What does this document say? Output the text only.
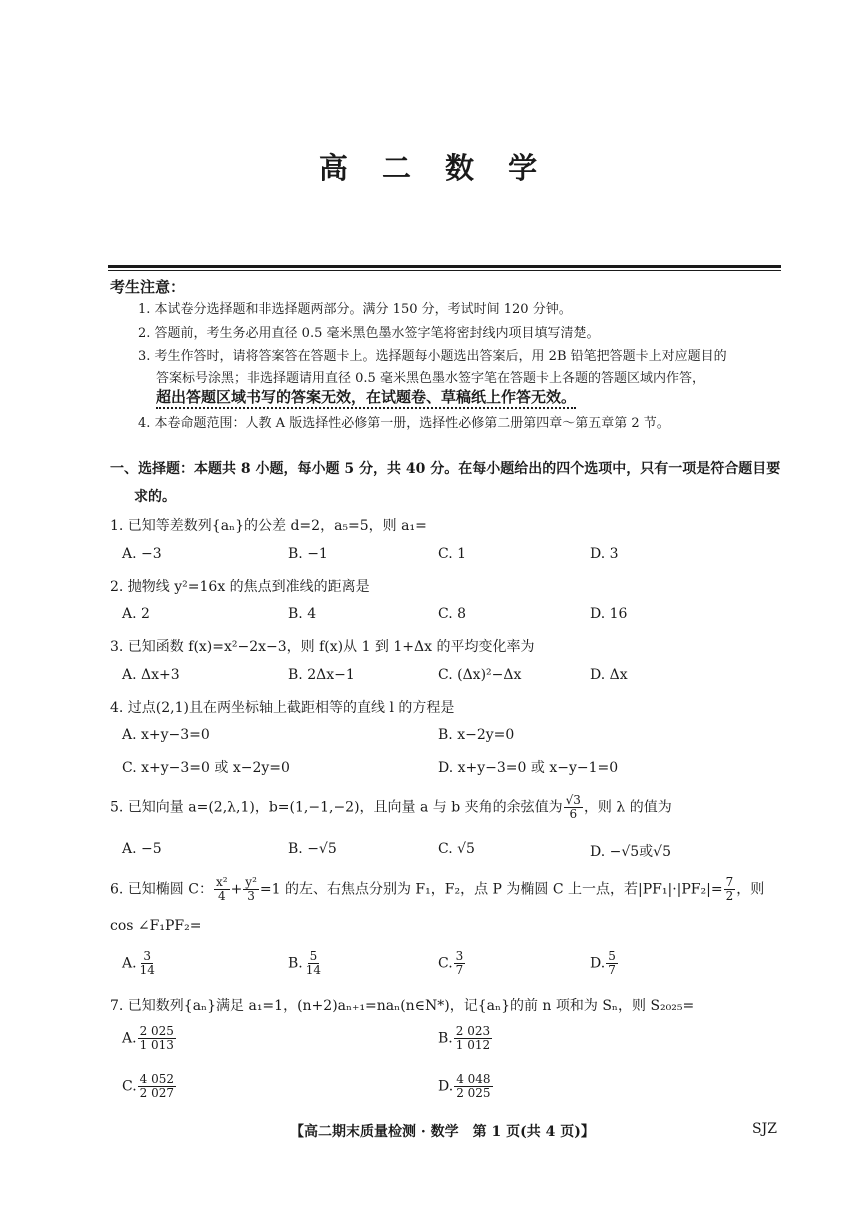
高 二 数 学
考生注意：
1. 本试卷分选择题和非选择题两部分。满分 150 分，考试时间 120 分钟。
2. 答题前，考生务必用直径 0.5 毫米黑色墨水签字笔将密封线内项目填写清楚。
3. 考生作答时，请将答案答在答题卡上。选择题每小题选出答案后，用 2B 铅笔把答题卡上对应题目的
答案标号涂黑；非选择题请用直径 0.5 毫米黑色墨水签字笔在答题卡上各题的答题区域内作答，
超出答题区域书写的答案无效，在试题卷、草稿纸上作答无效。
4. 本卷命题范围：人教 A 版选择性必修第一册，选择性必修第二册第四章～第五章第 2 节。
一、选择题：本题共 8 小题，每小题 5 分，共 40 分。在每小题给出的四个选项中，只有一项是符合题目要
求的。
1. 已知等差数列{aₙ}的公差 d=2，a₅=5，则 a₁=
A. −3	B. −1	C. 1	D. 3
2. 抛物线 y²=16x 的焦点到准线的距离是
A. 2	B. 4	C. 8	D. 16
3. 已知函数 f(x)=x²−2x−3，则 f(x)从 1 到 1+Δx 的平均变化率为
A. Δx+3	B. 2Δx−1	C. (Δx)²−Δx	D. Δx
4. 过点(2,1)且在两坐标轴上截距相等的直线 l 的方程是
A. x+y−3=0	B. x−2y=0
C. x+y−3=0 或 x−2y=0	D. x+y−3=0 或 x−y−1=0
5. 已知向量 a=(2,λ,1)，b=(1,−1,−2)，且向量 a 与 b 夹角的余弦值为 $\frac{√3}{6}$ ，则 λ 的值为
A. −5	B. −√5	C. √5	D. −√5或√5
6. 已知椭圆 C： $\frac{\text{x²}}{4} + \frac{\text{y²}}{3} =1$ 的左、右焦点分别为 F₁，F₂，点 P 为椭圆 C 上一点，若$|PF_1|\cdot|PF_2|= \frac{7}{2}$ ，则
cos ∠F₁PF₂=
A. $\frac{3}{14}$	B. $\frac{5}{14}$	C. $\frac{3}{7}$	D. $\frac{5}{7}$
7. 已知数列{aₙ}满足 a₁=1，(n+2)aₙ₊₁=naₙ(n∈N*)，记{aₙ}的前 n 项和为 Sₙ，则 S₂₀₂₅=
A. $\frac{2 025}{1 013}$	B. $\frac{2 023}{1 012}$
C. $\frac{4 052}{2 027}$	D. $\frac{4 048}{2 025}$
【高二期末质量检测 · 数学　第 1 页(共 4 页)】	SJZ
